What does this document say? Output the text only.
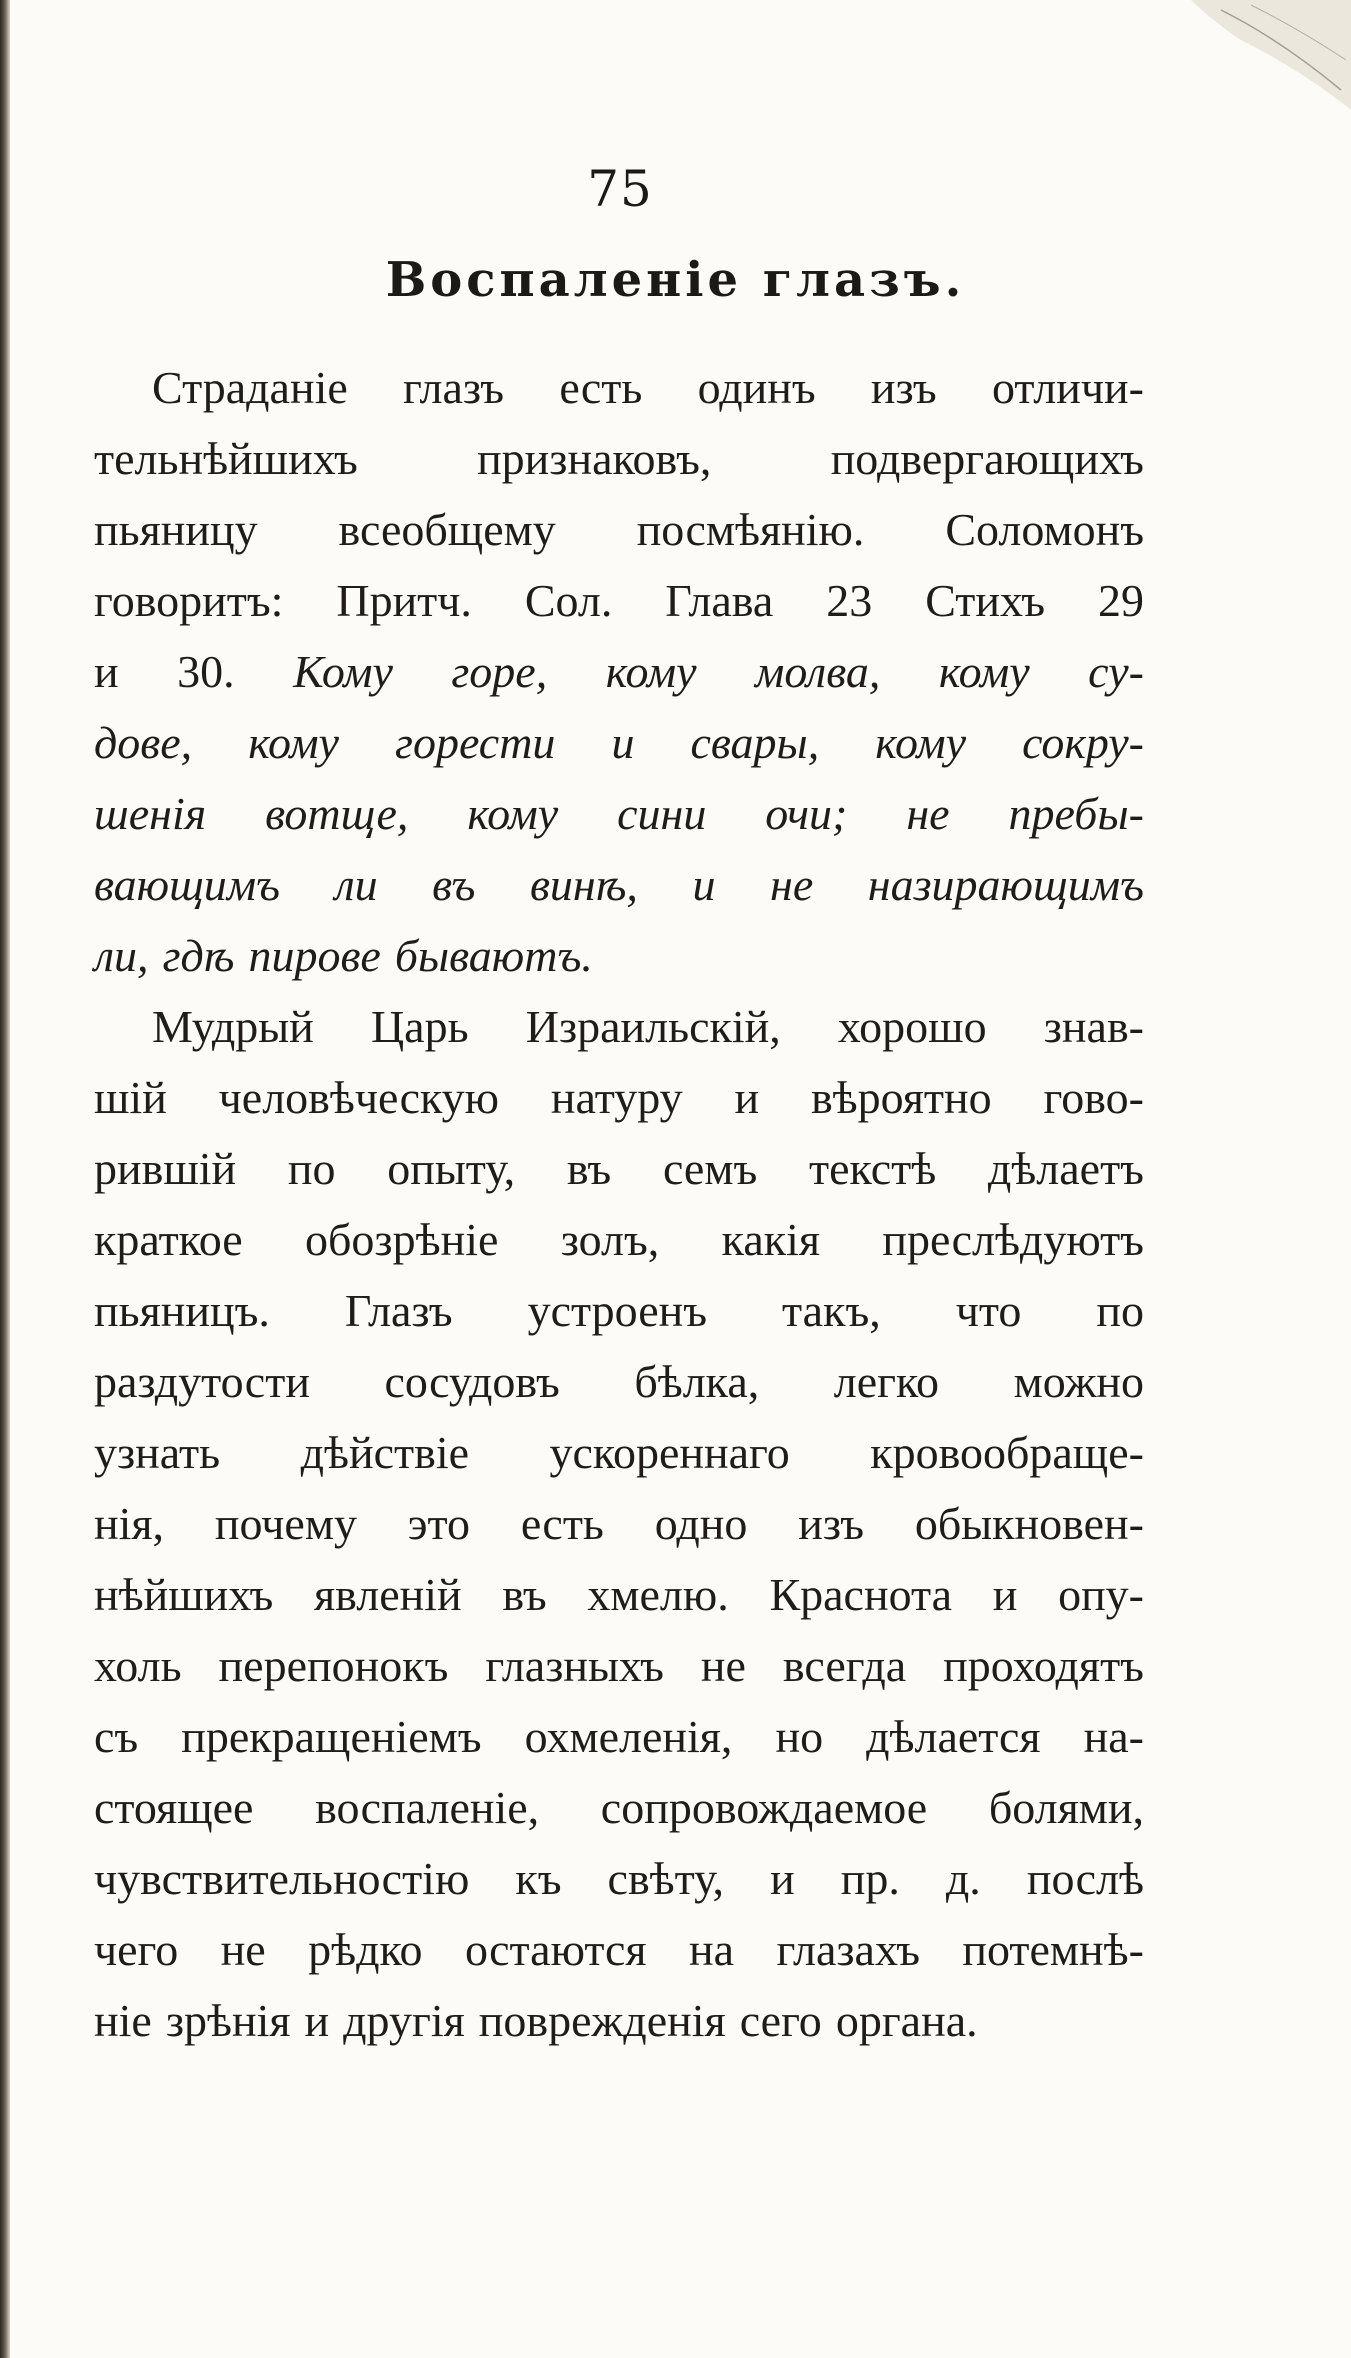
75
Воспаленіе глазъ.
Страданіе глазъ есть одинъ изъ отличи-
тельнѣйшихъ	признаковъ,	подвергающихъ
пьяницу всеобщему посмѣянію. Соломонъ
говоритъ: Притч. Сол. Глава 23 Стихъ 29
и 30. Кому горе, кому молва, кому су-
дове, кому горести и свары, кому сокру-
шенія вотще, кому сини очи; не пребы-
вающимъ ли въ винѣ, и не назирающимъ
ли, гдѣ пирове бываютъ.
Мудрый Царь Израильскій, хорошо знав-
шій человѣческую натуру и вѣроятно гово-
рившій по опыту, въ семъ текстѣ дѣлаетъ
краткое обозрѣніе золъ, какія преслѣдуютъ
пьяницъ. Глазъ устроенъ такъ, что по
раздутости сосудовъ бѣлка, легко можно
узнать дѣйствіе ускореннаго кровообраще-
нія, почему это есть одно изъ обыкновен-
нѣйшихъ явленій въ хмелю. Краснота и опу-
холь перепонокъ глазныхъ не всегда проходятъ
съ прекращеніемъ охмеленія, но дѣлается на-
стоящее воспаленіе, сопровождаемое болями,
чувствительностію къ свѣту, и пр. д. послѣ
чего не рѣдко остаются на глазахъ потемнѣ-
ніе зрѣнія и другія поврежденія сего органа.
